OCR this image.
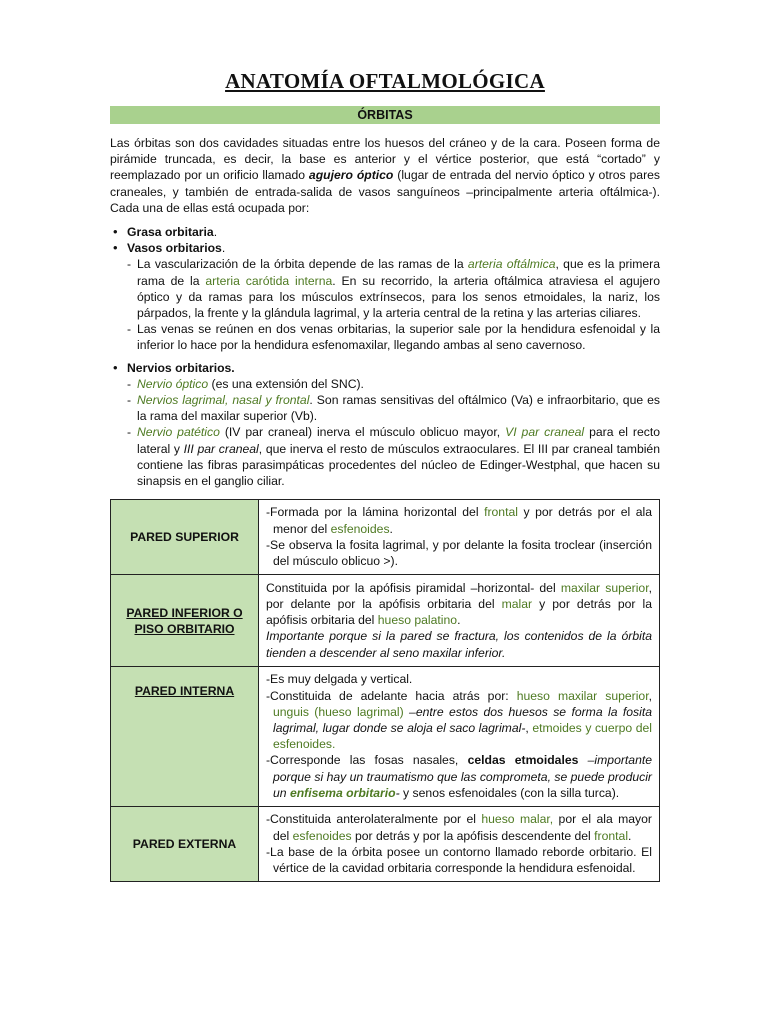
ANATOMÍA OFTALMOLÓGICA
ÓRBITAS

Las órbitas son dos cavidades situadas entre los huesos del cráneo y de la cara. Poseen forma de pirámide truncada, es decir, la base es anterior y el vértice posterior, que está “cortado” y reemplazado por un orificio llamado agujero óptico (lugar de entrada del nervio óptico y otros pares craneales, y también de entrada-salida de vasos sanguíneos –principalmente arteria oftálmica-). Cada una de ellas está ocupada por:

• Grasa orbitaria.
• Vasos orbitarios.
- La vascularización de la órbita depende de las ramas de la arteria oftálmica, que es la primera rama de la arteria carótida interna. En su recorrido, la arteria oftálmica atraviesa el agujero óptico y da ramas para los músculos extrínsecos, para los senos etmoidales, la nariz, los párpados, la frente y la glándula lagrimal, y la arteria central de la retina y las arterias ciliares.
- Las venas se reúnen en dos venas orbitarias, la superior sale por la hendidura esfenoidal y la inferior lo hace por la hendidura esfenomaxilar, llegando ambas al seno cavernoso.
• Nervios orbitarios.
- Nervio óptico (es una extensión del SNC).
- Nervios lagrimal, nasal y frontal. Son ramas sensitivas del oftálmico (Va) e infraorbitario, que es la rama del maxilar superior (Vb).
- Nervio patético (IV par craneal) inerva el músculo oblicuo mayor, VI par craneal para el recto lateral y III par craneal, que inerva el resto de músculos extraoculares. El III par craneal también contiene las fibras parasimpáticas procedentes del núcleo de Edinger-Westphal, que hacen su sinapsis en el ganglio ciliar.
PARED SUPERIOR	-Formada por la lámina horizontal del frontal y por detrás por el ala menor del esfenoides.
-Se observa la fosita lagrimal, y por delante la fosita troclear (inserción del músculo oblicuo >).

PARED INFERIOR O PISO ORBITARIO	Constituida por la apófisis piramidal –horizontal- del maxilar superior, por delante por la apófisis orbitaria del malar y por detrás por la apófisis orbitaria del hueso palatino.
Importante porque si la pared se fractura, los contenidos de la órbita tienden a descender al seno maxilar inferior.

PARED INTERNA	-Es muy delgada y vertical.
-Constituida de adelante hacia atrás por: hueso maxilar superior, unguis (hueso lagrimal) –entre estos dos huesos se forma la fosita lagrimal, lugar donde se aloja el saco lagrimal-, etmoides y cuerpo del esfenoides.
-Corresponde las fosas nasales, celdas etmoidales –importante porque si hay un traumatismo que las comprometa, se puede producir un enfisema orbitario- y senos esfenoidales (con la silla turca).

PARED EXTERNA	-Constituida anterolateralmente por el hueso malar, por el ala mayor del esfenoides por detrás y por la apófisis descendente del frontal.
-La base de la órbita posee un contorno llamado reborde orbitario. El vértice de la cavidad orbitaria corresponde la hendidura esfenoidal.
